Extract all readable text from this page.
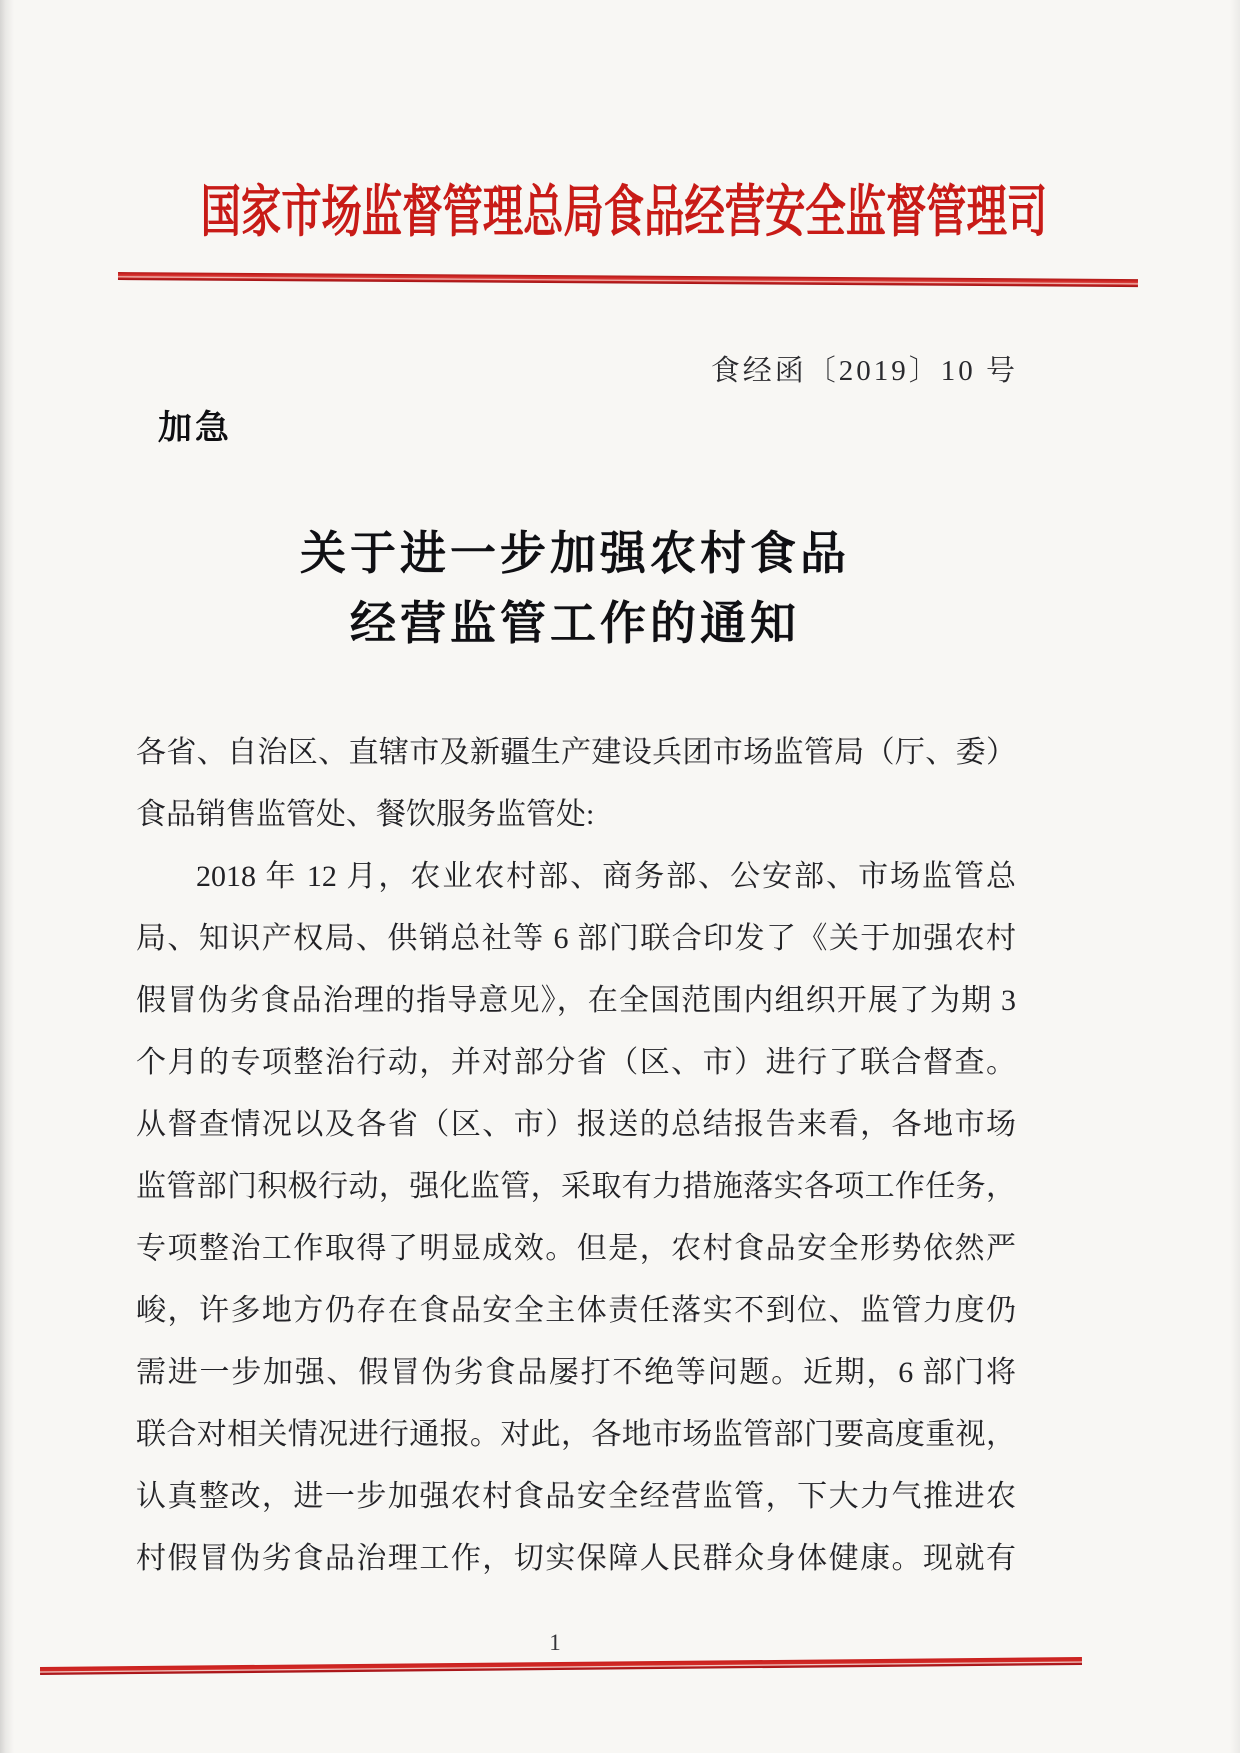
国家市场监督管理总局食品经营安全监督管理司
食经函〔2019〕10 号
加急
关于进一步加强农村食品
经营监管工作的通知
各省、自治区、直辖市及新疆生产建设兵团市场监管局（厅、委）
食品销售监管处、餐饮服务监管处:
2018 年 12 月，农业农村部、商务部、公安部、市场监管总
局、知识产权局、供销总社等 6 部门联合印发了《关于加强农村
假冒伪劣食品治理的指导意见》，在全国范围内组织开展了为期 3
个月的专项整治行动，并对部分省（区、市）进行了联合督查。
从督查情况以及各省（区、市）报送的总结报告来看，各地市场
监管部门积极行动，强化监管，采取有力措施落实各项工作任务，
专项整治工作取得了明显成效。但是，农村食品安全形势依然严
峻，许多地方仍存在食品安全主体责任落实不到位、监管力度仍
需进一步加强、假冒伪劣食品屡打不绝等问题。近期，6 部门将
联合对相关情况进行通报。对此，各地市场监管部门要高度重视，
认真整改，进一步加强农村食品安全经营监管，下大力气推进农
村假冒伪劣食品治理工作，切实保障人民群众身体健康。现就有
1
